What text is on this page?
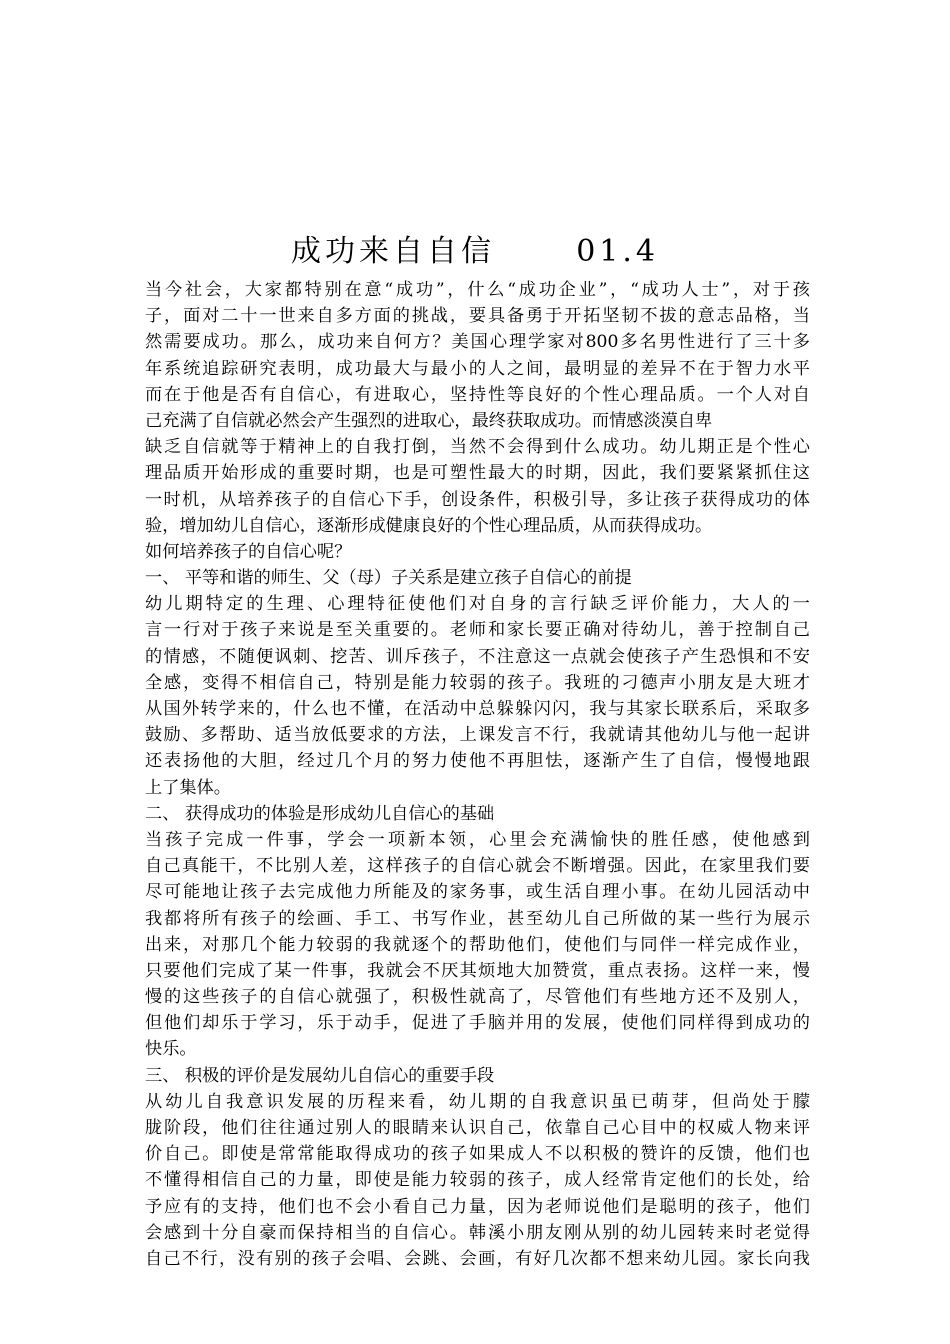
成功来自自信      01.4
当今社会，大家都特别在意“成功”，什么“成功企业”，“成功人士”，对于孩
子，面对二十一世来自多方面的挑战，要具备勇于开拓坚韧不拔的意志品格，当
然需要成功。那么，成功来自何方？美国心理学家对800多名男性进行了三十多
年系统追踪研究表明，成功最大与最小的人之间，最明显的差异不在于智力水平
而在于他是否有自信心，有进取心，坚持性等良好的个性心理品质。一个人对自
己充满了自信就必然会产生强烈的进取心，最终获取成功。而情感淡漠自卑
缺乏自信就等于精神上的自我打倒，当然不会得到什么成功。幼儿期正是个性心
理品质开始形成的重要时期，也是可塑性最大的时期，因此，我们要紧紧抓住这
一时机，从培养孩子的自信心下手，创设条件，积极引导，多让孩子获得成功的体
验，增加幼儿自信心，逐渐形成健康良好的个性心理品质，从而获得成功。
如何培养孩子的自信心呢？
一、 平等和谐的师生、父（母）子关系是建立孩子自信心的前提
幼儿期特定的生理、心理特征使他们对自身的言行缺乏评价能力，大人的一
言一行对于孩子来说是至关重要的。老师和家长要正确对待幼儿，善于控制自己
的情感，不随便讽刺、挖苦、训斥孩子，不注意这一点就会使孩子产生恐惧和不安
全感，变得不相信自己，特别是能力较弱的孩子。我班的刁德声小朋友是大班才
从国外转学来的，什么也不懂，在活动中总躲躲闪闪，我与其家长联系后，采取多
鼓励、多帮助、适当放低要求的方法，上课发言不行，我就请其他幼儿与他一起讲
还表扬他的大胆，经过几个月的努力使他不再胆怯，逐渐产生了自信，慢慢地跟
上了集体。
二、 获得成功的体验是形成幼儿自信心的基础
当孩子完成一件事，学会一项新本领，心里会充满愉快的胜任感，使他感到
自己真能干，不比别人差，这样孩子的自信心就会不断增强。因此，在家里我们要
尽可能地让孩子去完成他力所能及的家务事，或生活自理小事。在幼儿园活动中
我都将所有孩子的绘画、手工、书写作业，甚至幼儿自己所做的某一些行为展示
出来，对那几个能力较弱的我就逐个的帮助他们，使他们与同伴一样完成作业，
只要他们完成了某一件事，我就会不厌其烦地大加赞赏，重点表扬。这样一来，慢
慢的这些孩子的自信心就强了，积极性就高了，尽管他们有些地方还不及别人，
但他们却乐于学习，乐于动手，促进了手脑并用的发展，使他们同样得到成功的
快乐。
三、 积极的评价是发展幼儿自信心的重要手段
从幼儿自我意识发展的历程来看，幼儿期的自我意识虽已萌芽，但尚处于朦
胧阶段，他们往往通过别人的眼睛来认识自己，依靠自己心目中的权威人物来评
价自己。即使是常常能取得成功的孩子如果成人不以积极的赞许的反馈，他们也
不懂得相信自己的力量，即使是能力较弱的孩子，成人经常肯定他们的长处，给
予应有的支持，他们也不会小看自己力量，因为老师说他们是聪明的孩子，他们
会感到十分自豪而保持相当的自信心。韩溪小朋友刚从别的幼儿园转来时老觉得
自己不行，没有别的孩子会唱、会跳、会画，有好几次都不想来幼儿园。家长向我
